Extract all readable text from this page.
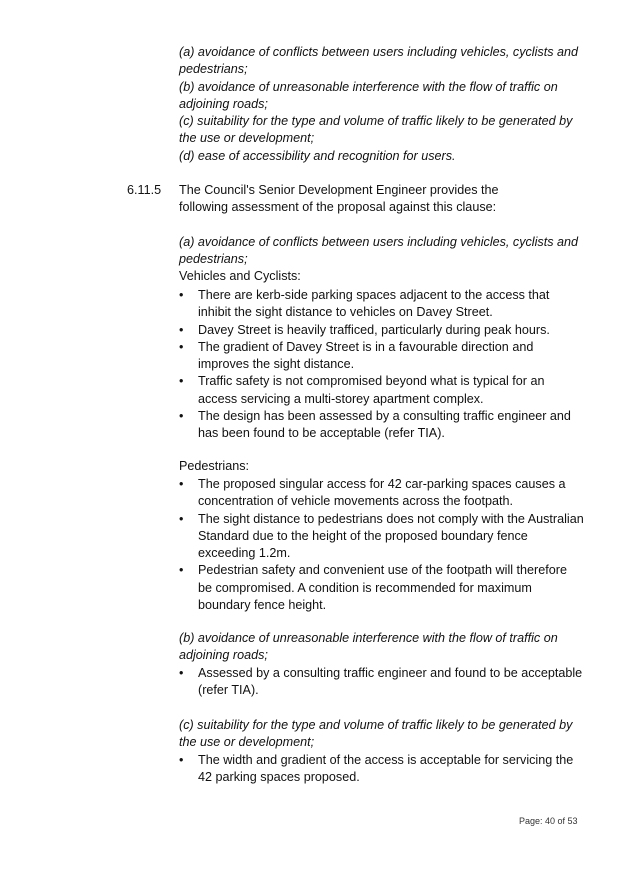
(a) avoidance of conflicts between users including vehicles, cyclists and pedestrians;

(b) avoidance of unreasonable interference with the flow of traffic on adjoining roads;

(c) suitability for the type and volume of traffic likely to be generated by the use or development;

(d) ease of accessibility and recognition for users.

6.11.5 The Council's Senior Development Engineer provides the following assessment of the proposal against this clause:

(a) avoidance of conflicts between users including vehicles, cyclists and pedestrians;

Vehicles and Cyclists:

• There are kerb-side parking spaces adjacent to the access that inhibit the sight distance to vehicles on Davey Street.

• Davey Street is heavily trafficed, particularly during peak hours.

• The gradient of Davey Street is in a favourable direction and improves the sight distance.

• Traffic safety is not compromised beyond what is typical for an access servicing a multi-storey apartment complex.

• The design has been assessed by a consulting traffic engineer and has been found to be acceptable (refer TIA).

Pedestrians:

• The proposed singular access for 42 car-parking spaces causes a concentration of vehicle movements across the footpath.

• The sight distance to pedestrians does not comply with the Australian Standard due to the height of the proposed boundary fence exceeding 1.2m.

• Pedestrian safety and convenient use of the footpath will therefore be compromised. A condition is recommended for maximum boundary fence height.

(b) avoidance of unreasonable interference with the flow of traffic on adjoining roads;

• Assessed by a consulting traffic engineer and found to be acceptable (refer TIA).

(c) suitability for the type and volume of traffic likely to be generated by the use or development;

• The width and gradient of the access is acceptable for servicing the 42 parking spaces proposed.

Page: 40 of 53
